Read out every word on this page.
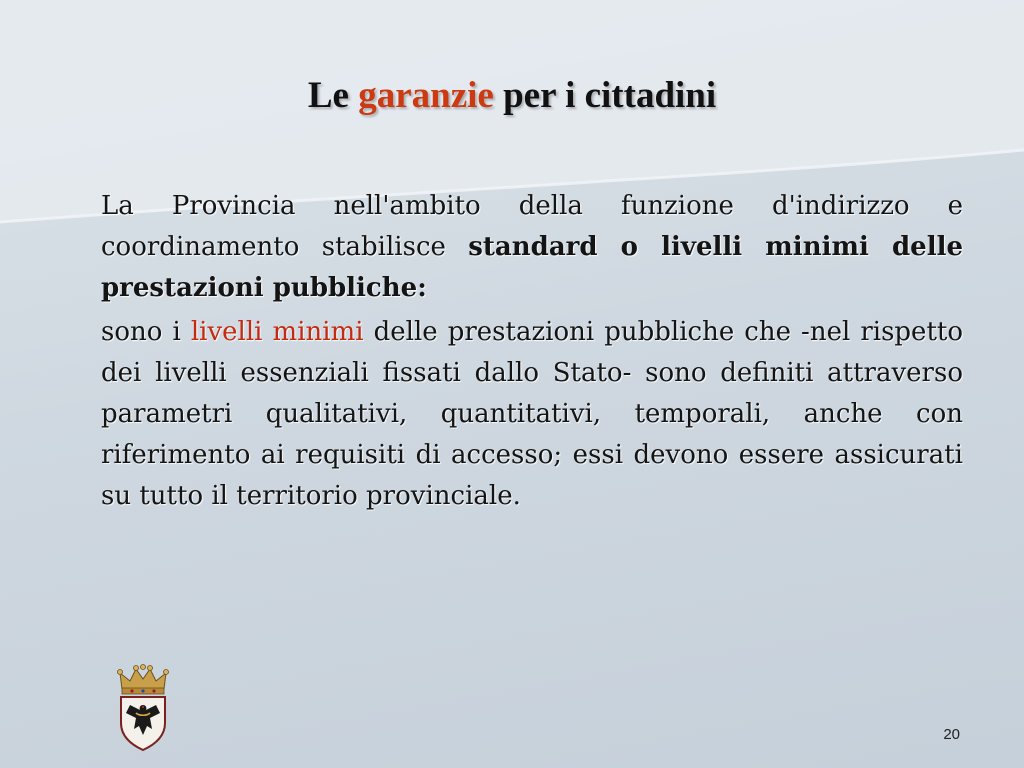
Le garanzie per i cittadini

La Provincia nell'ambito della funzione d'indirizzo e coordinamento stabilisce standard o livelli minimi delle prestazioni pubbliche:

sono i livelli minimi delle prestazioni pubbliche che -nel rispetto dei livelli essenziali fissati dallo Stato- sono definiti attraverso parametri qualitativi, quantitativi, temporali, anche con riferimento ai requisiti di accesso; essi devono essere assicurati su tutto il territorio provinciale.

20
